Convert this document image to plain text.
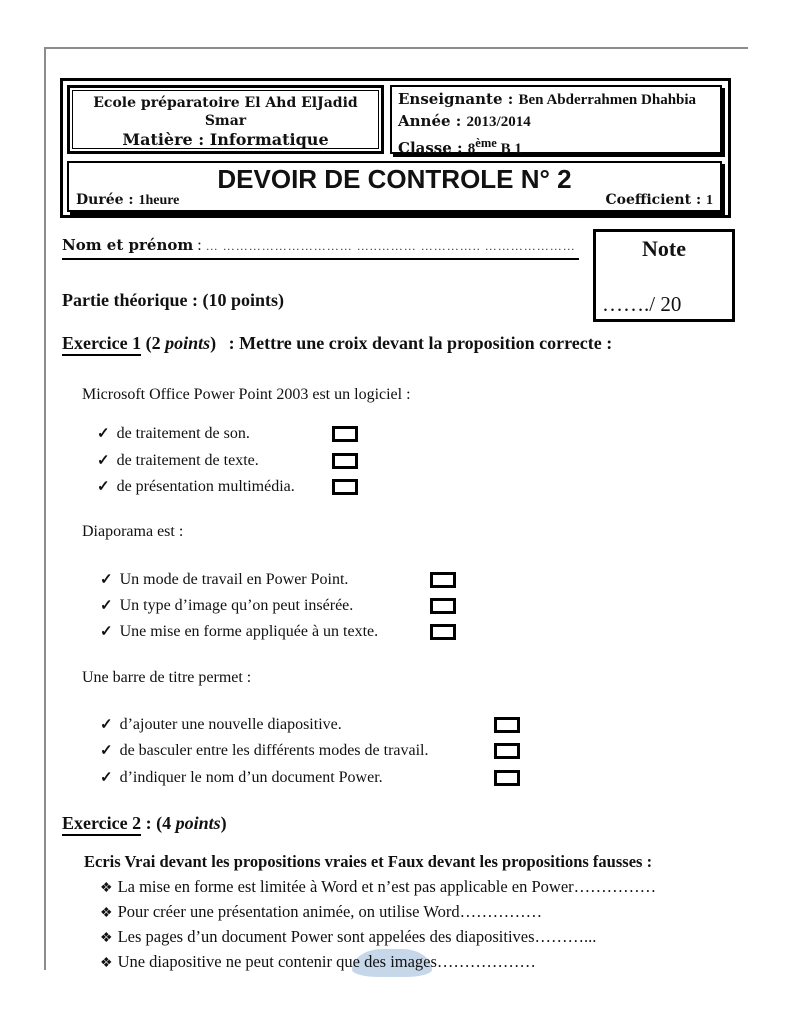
Ecole préparatoire El Ahd ElJadid
Smar
Matière : Informatique
Enseignante : Ben Abderrahmen Dhahbia
Année : 2013/2014
Classe : 8ème B 1
DEVOIR DE CONTROLE N° 2
Durée : 1heure	Coefficient : 1
Nom et prénom : … ………………………… …..……… ………….. …………………	Note
……./ 20
Partie théorique : (10 points)
Exercice 1 (2 points) : Mettre une croix devant la proposition correcte :
Microsoft Office Power Point 2003 est un logiciel :
✓ de traitement de son.
✓ de traitement de texte.
✓ de présentation multimédia.
Diaporama est :
✓ Un mode de travail en Power Point.
✓ Un type d’image qu’on peut insérée.
✓ Une mise en forme appliquée à un texte.
Une barre de titre permet :
✓ d’ajouter une nouvelle diapositive.
✓ de basculer entre les différents modes de travail.
✓ d’indiquer le nom d’un document Power.
Exercice 2 : (4 points)
Ecris Vrai devant les propositions vraies et Faux devant les propositions fausses :
❖ La mise en forme est limitée à Word et n’est pas applicable en Power……………
❖ Pour créer une présentation animée, on utilise Word……………
❖ Les pages d’un document Power sont appelées des diapositives………...
❖ Une diapositive ne peut contenir que des images………………
